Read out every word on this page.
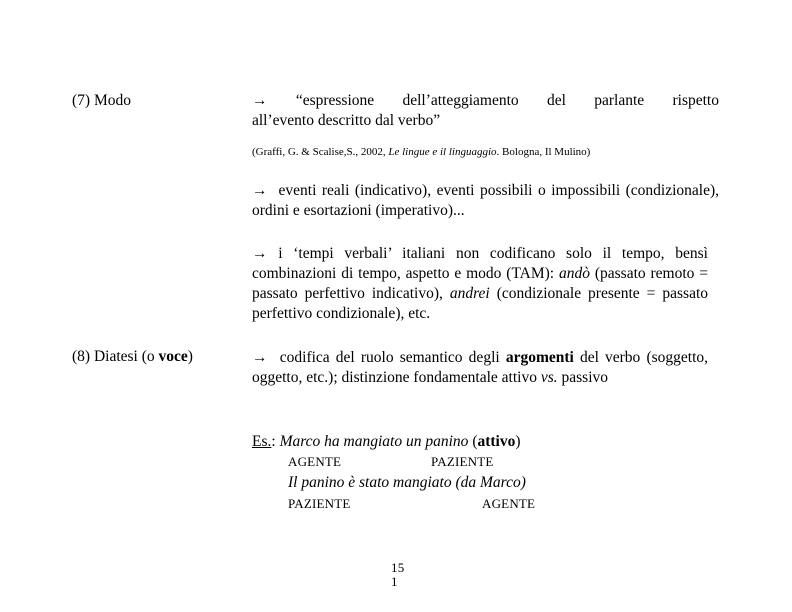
(7) Modo
(8) Diatesi (o voce)
→ “espressione dell’atteggiamento del parlante rispetto
all’evento descritto dal verbo”
(Graffi, G. & Scalise,S., 2002, Le lingue e il linguaggio. Bologna, Il Mulino)
→ eventi reali (indicativo), eventi possibili o impossibili (condizionale), ordini e esortazioni (imperativo)...
→ i ‘tempi verbali’ italiani non codificano solo il tempo, bensì combinazioni di tempo, aspetto e modo (TAM): andò (passato remoto = passato perfettivo indicativo), andrei (condizionale presente = passato perfettivo condizionale), etc.
→ codifica del ruolo semantico degli argomenti del verbo (soggetto, oggetto, etc.); distinzione fondamentale attivo vs. passivo
Es.: Marco ha mangiato un panino (attivo)
AGENTE	PAZIENTE
Il panino è stato mangiato (da Marco)
PAZIENTE	AGENTE
15
1
